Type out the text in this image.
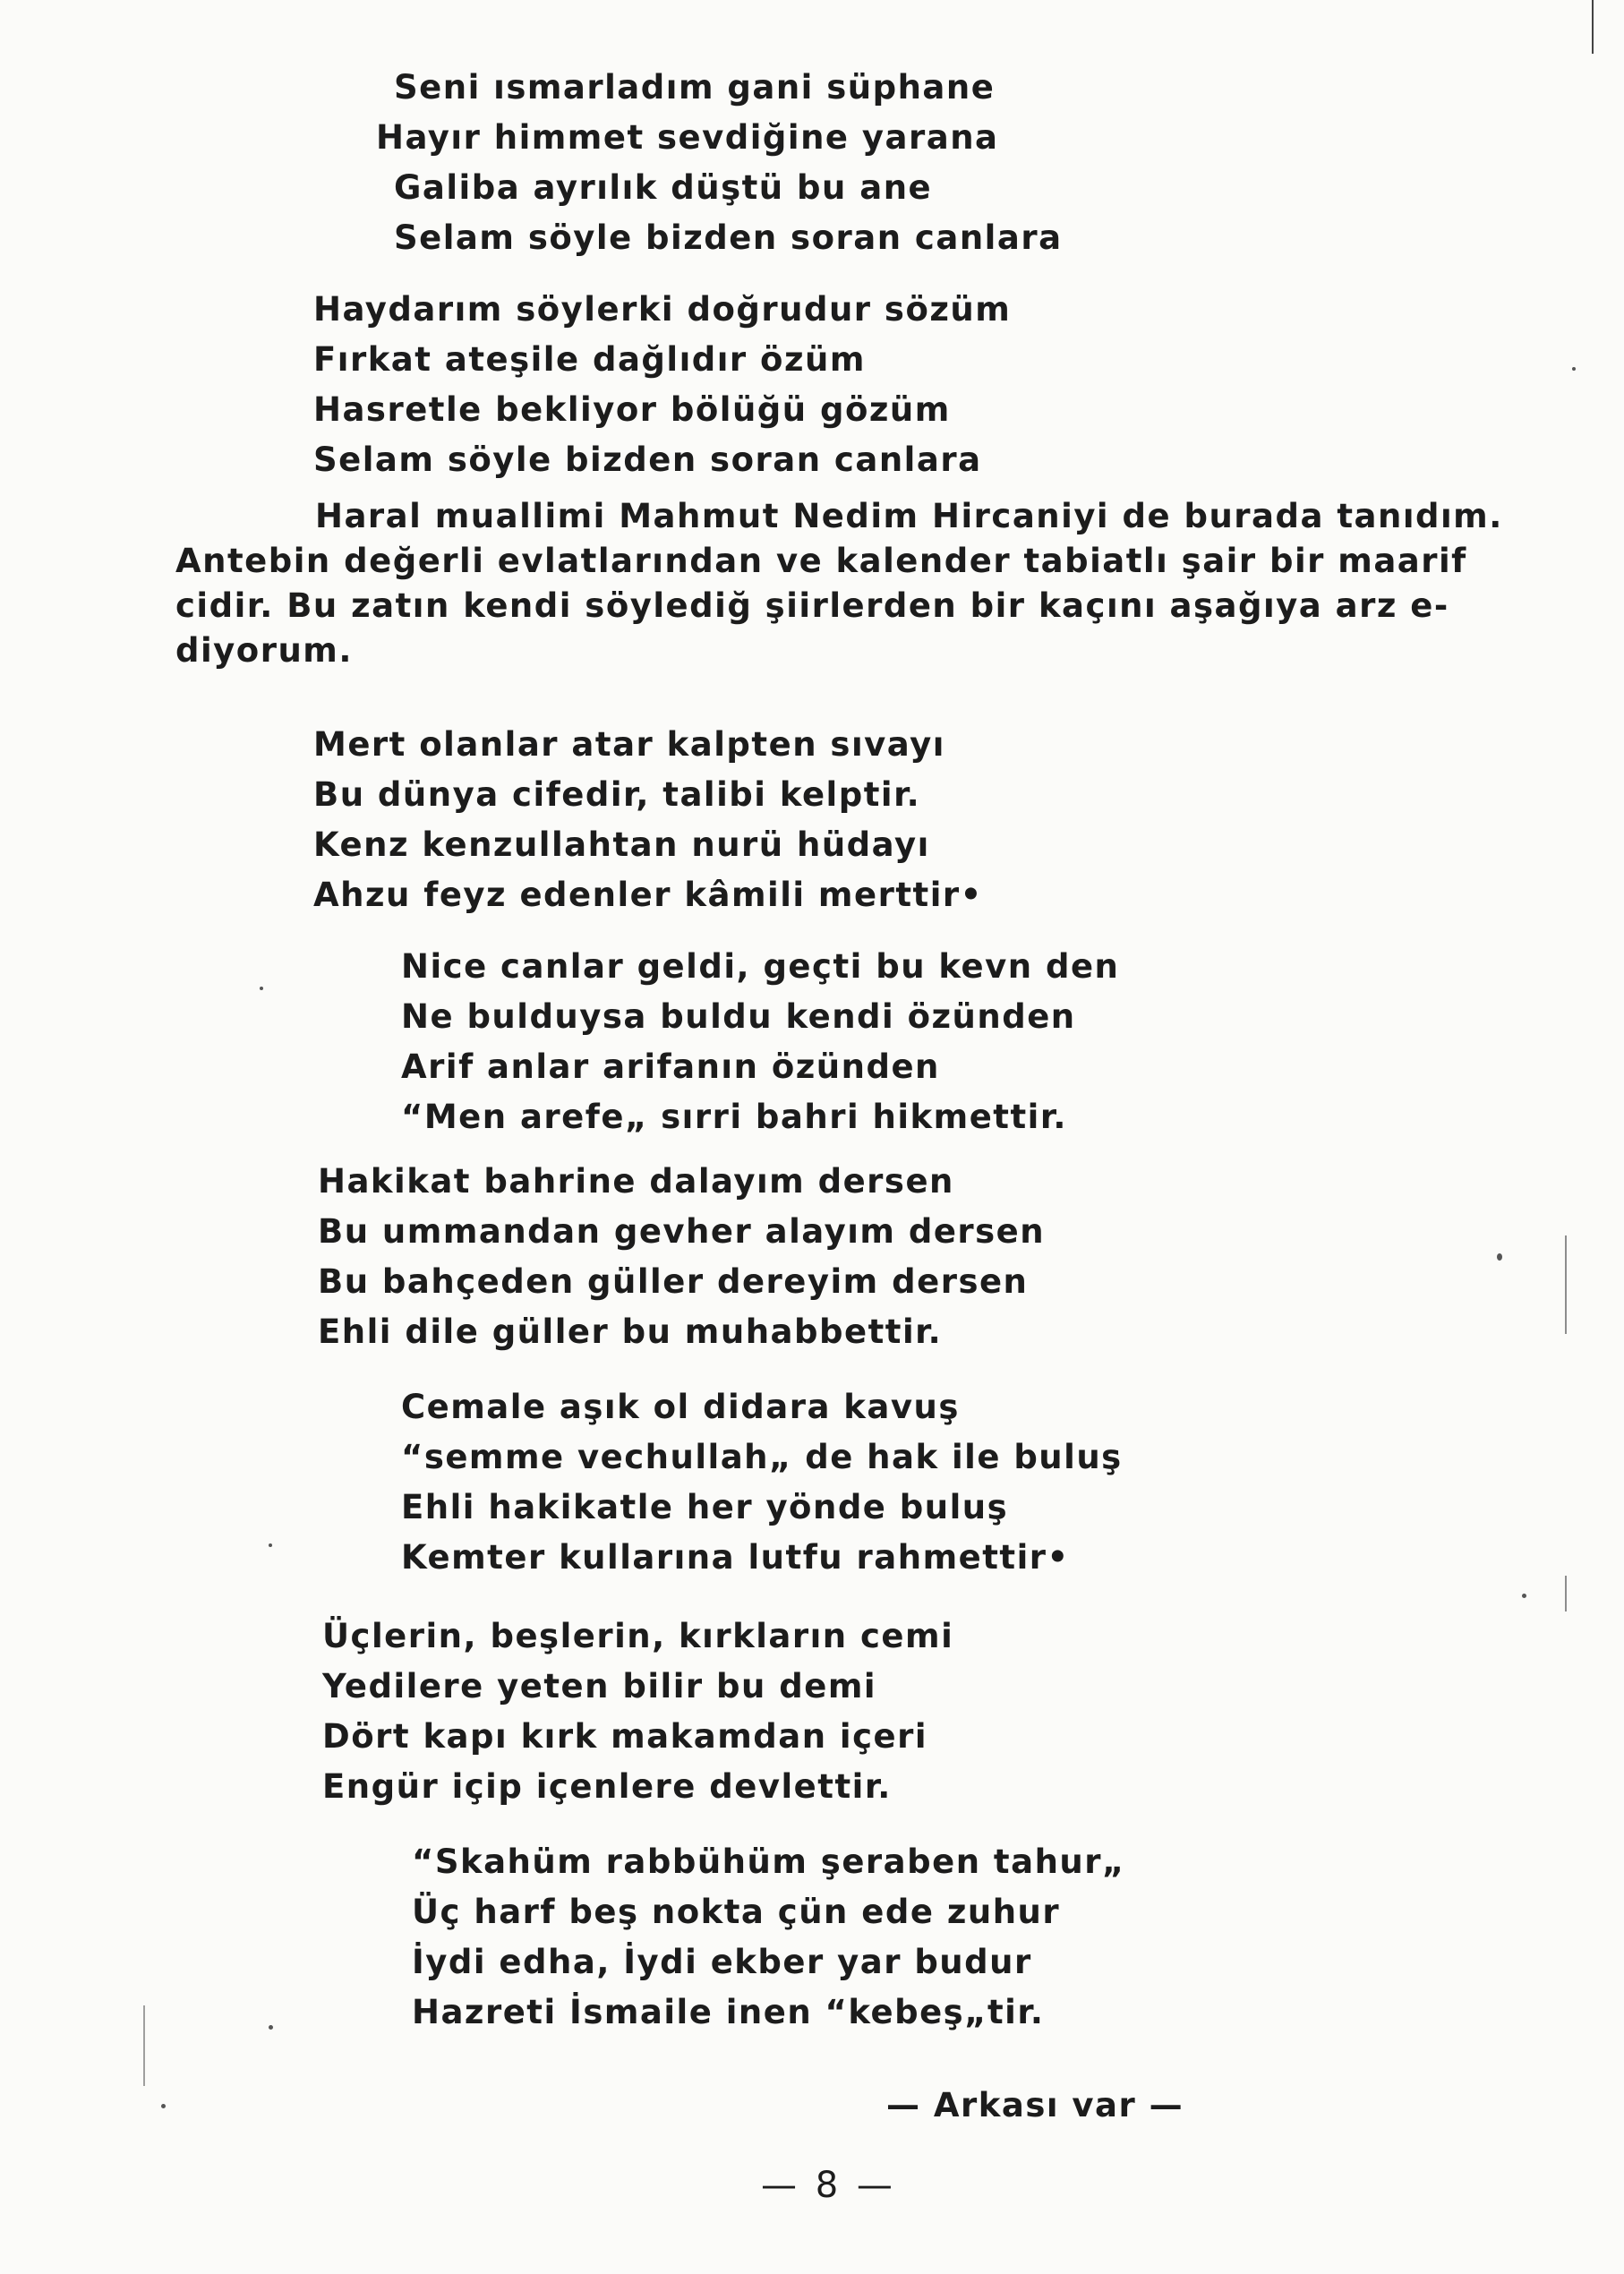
Seni ısmarladım gani süphane
Hayır himmet sevdiğine yarana
Galiba ayrılık düştü bu ane
Selam söyle bizden soran canlara
Haydarım söylerki doğrudur sözüm
Fırkat ateşile dağlıdır özüm
Hasretle bekliyor bölüğü gözüm
Selam söyle bizden soran canlara
Haral muallimi Mahmut Nedim Hircaniyi de burada tanıdım.
Antebin değerli evlatlarından ve kalender tabiatlı şair bir maarif
cidir. Bu zatın kendi söylediğ şiirlerden bir kaçını aşağıya arz e-
diyorum.
Mert olanlar atar kalpten sıvayı
Bu dünya cifedir, talibi kelptir.
Kenz kenzullahtan nurü hüdayı
Ahzu feyz edenler kâmili merttir•
Nice canlar geldi, geçti bu kevn den
Ne bulduysa buldu kendi özünden
Arif anlar arifanın özünden
“Men arefe„ sırri bahri hikmettir.
Hakikat bahrine dalayım dersen
Bu ummandan gevher alayım dersen
Bu bahçeden güller dereyim dersen
Ehli dile güller bu muhabbettir.
Cemale aşık ol didara kavuş
“semme vechullah„ de hak ile buluş
Ehli hakikatle her yönde buluş
Kemter kullarına lutfu rahmettir•
Üçlerin, beşlerin, kırkların cemi
Yedilere yeten bilir bu demi
Dört kapı kırk makamdan içeri
Engür içip içenlere devlettir.
“Skahüm rabbühüm şeraben tahur„
Üç harf beş nokta çün ede zuhur
İydi edha, İydi ekber yar budur
Hazreti İsmaile inen “kebeş„tir.
— Arkası var —
— 8 —
